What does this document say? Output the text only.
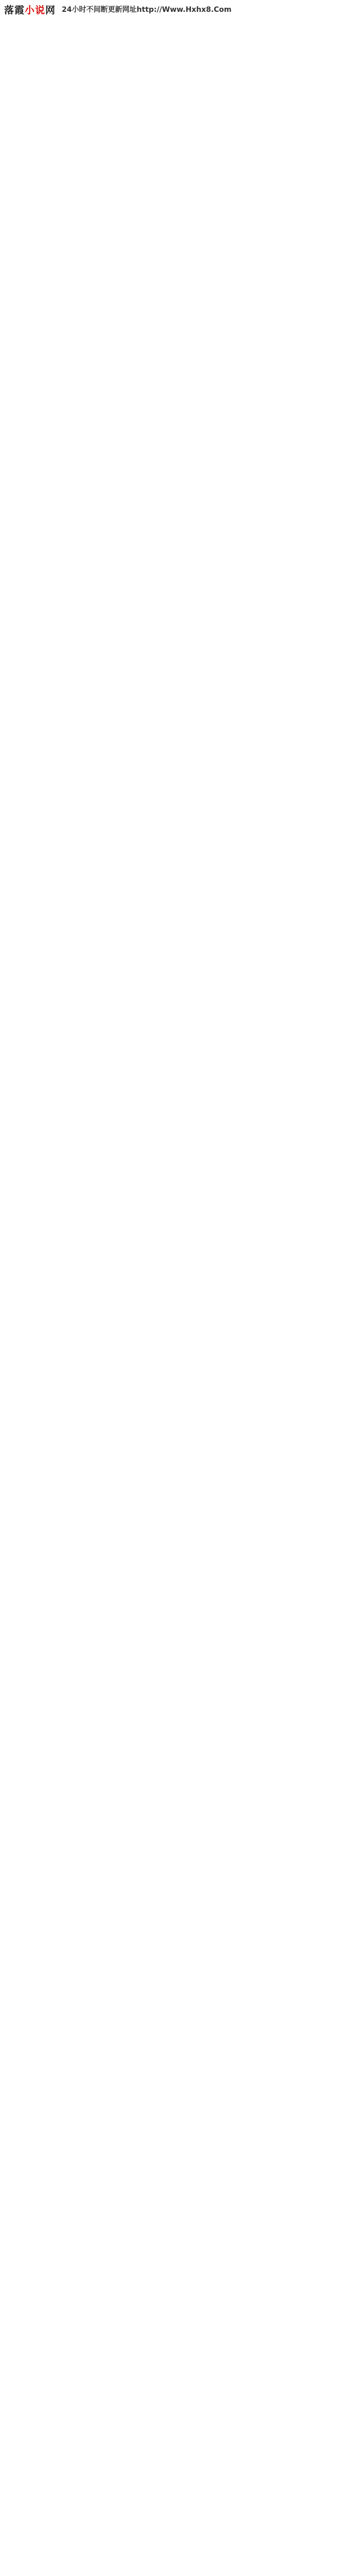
落霞 小说 网 24小时不间断更新网址http://Www.Hxhx8.Com
